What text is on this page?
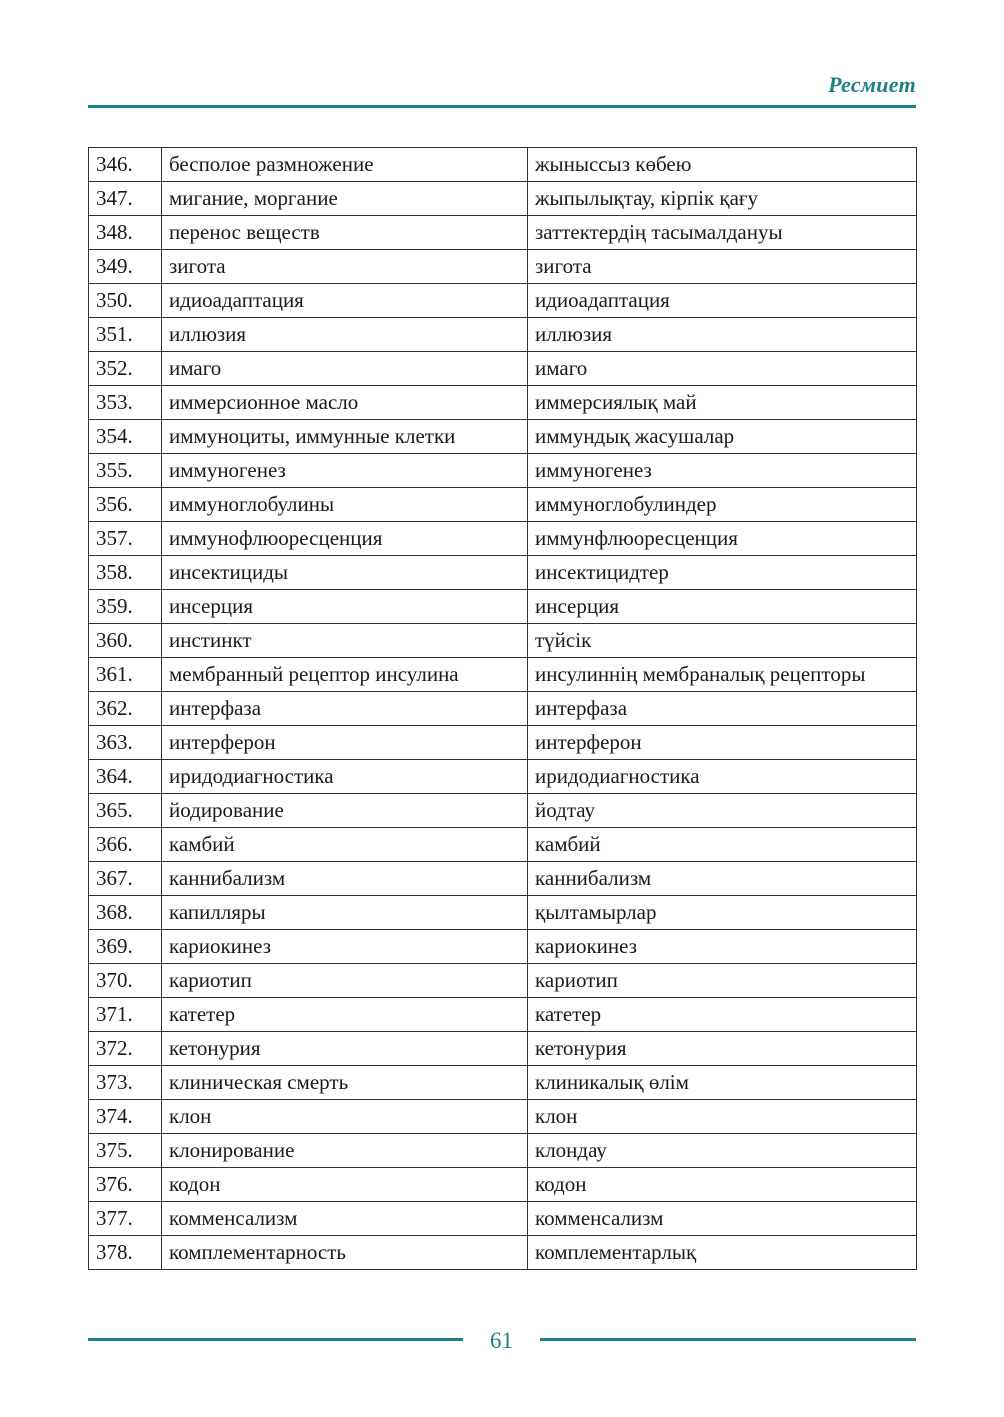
Ресмиет
346.	бесполое размножение	жыныссыз көбею
347.	мигание, моргание	жыпылықтау, кірпік қағу
348.	перенос веществ	заттектердің тасымалдануы
349.	зигота	зигота
350.	идиоадаптация	идиоадаптация
351.	иллюзия	иллюзия
352.	имаго	имаго
353.	иммерсионное масло	иммерсиялық май
354.	иммуноциты, иммунные клетки	иммундық жасушалар
355.	иммуногенез	иммуногенез
356.	иммуноглобулины	иммуноглобулиндер
357.	иммунофлюоресценция	иммунфлюоресценция
358.	инсектициды	инсектицидтер
359.	инсерция	инсерция
360.	инстинкт	түйсік
361.	мембранный рецептор инсулина	инсулиннің мембраналық рецепторы
362.	интерфаза	интерфаза
363.	интерферон	интерферон
364.	иридодиагностика	иридодиагностика
365.	йодирование	йодтау
366.	камбий	камбий
367.	каннибализм	каннибализм
368.	капилляры	қылтамырлар
369.	кариокинез	кариокинез
370.	кариотип	кариотип
371.	катетер	катетер
372.	кетонурия	кетонурия
373.	клиническая смерть	клиникалық өлім
374.	клон	клон
375.	клонирование	клондау
376.	кодон	кодон
377.	комменсализм	комменсализм
378.	комплементарность	комплементарлық
61
